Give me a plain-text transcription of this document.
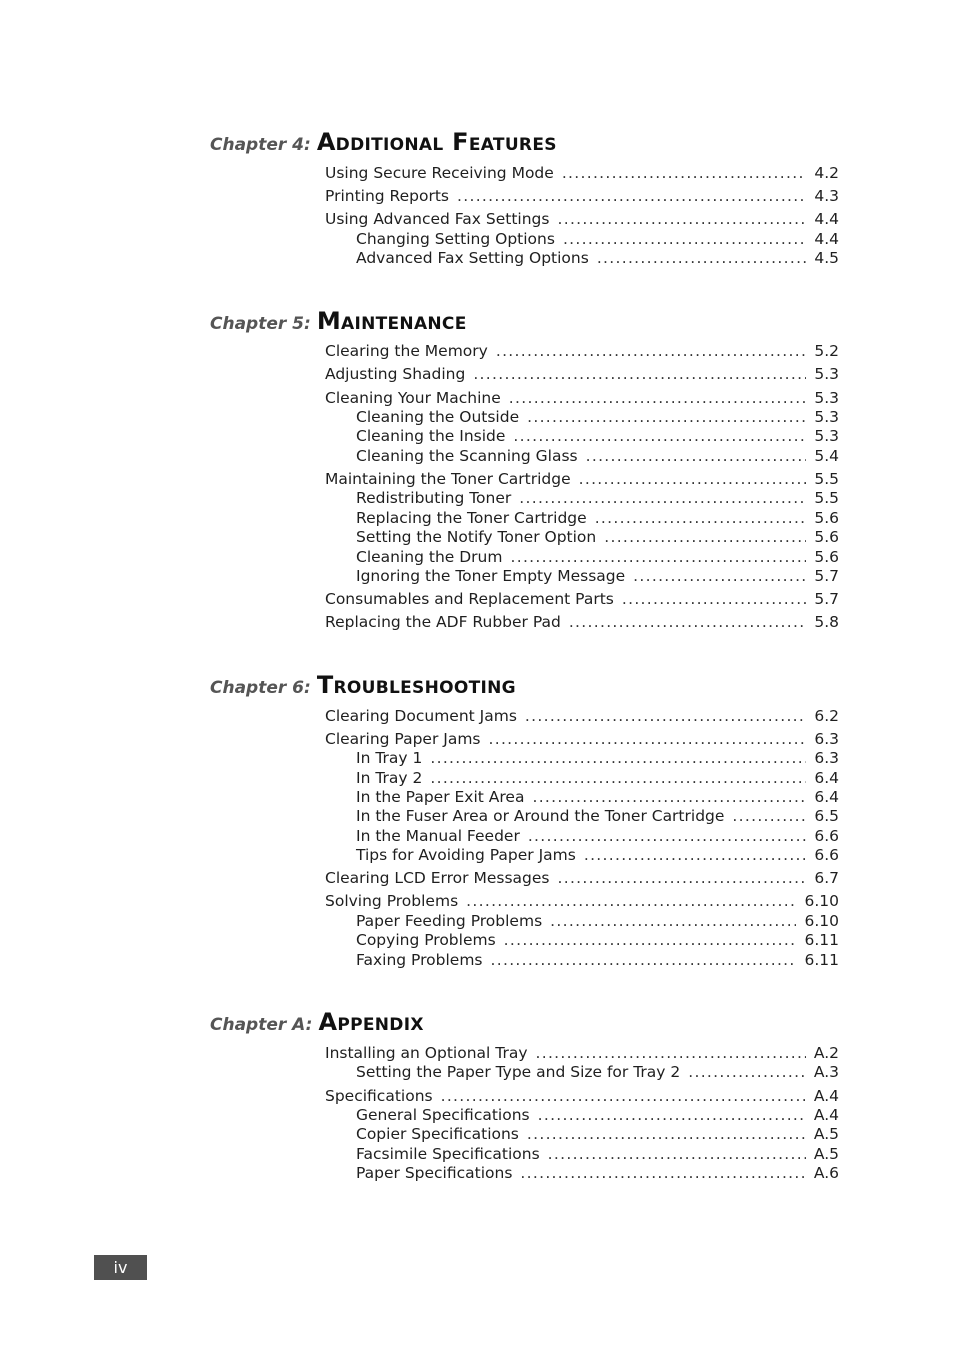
Chapter 4: Additional Features
Using Secure Receiving Mode .....	4.2
Printing Reports .....	4.3
Using Advanced Fax Settings .....	4.4
Changing Setting Options .....	4.4
Advanced Fax Setting Options .....	4.5
Chapter 5: Maintenance
Clearing the Memory .....	5.2
Adjusting Shading .....	5.3
Cleaning Your Machine .....	5.3
Cleaning the Outside .....	5.3
Cleaning the Inside .....	5.3
Cleaning the Scanning Glass .....	5.4
Maintaining the Toner Cartridge .....	5.5
Redistributing Toner .....	5.5
Replacing the Toner Cartridge .....	5.6
Setting the Notify Toner Option .....	5.6
Cleaning the Drum .....	5.6
Ignoring the Toner Empty Message .....	5.7
Consumables and Replacement Parts .....	5.7
Replacing the ADF Rubber Pad .....	5.8
Chapter 6: Troubleshooting
Clearing Document Jams .....	6.2
Clearing Paper Jams .....	6.3
In Tray 1 .....	6.3
In Tray 2 .....	6.4
In the Paper Exit Area .....	6.4
In the Fuser Area or Around the Toner Cartridge .....	6.5
In the Manual Feeder .....	6.6
Tips for Avoiding Paper Jams .....	6.6
Clearing LCD Error Messages .....	6.7
Solving Problems .....	6.10
Paper Feeding Problems .....	6.10
Copying Problems .....	6.11
Faxing Problems .....	6.11
Chapter A: Appendix
Installing an Optional Tray .....	A.2
Setting the Paper Type and Size for Tray 2 .....	A.3
Specifications .....	A.4
General Specifications .....	A.4
Copier Specifications .....	A.5
Facsimile Specifications .....	A.5
Paper Specifications .....	A.6
iv
